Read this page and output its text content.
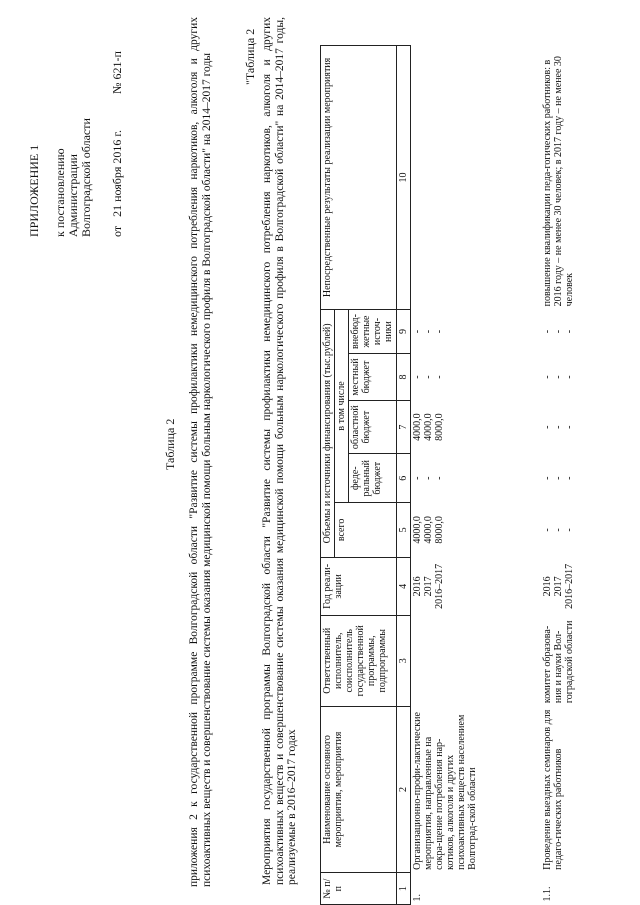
ПРИЛОЖЕНИЕ 1 к постановлению Администрации Волгоградской области от   21 ноября 2016 г.            № 621-п
Таблица 2 приложения 2 к государственной программе Волгоградской области "Развитие системы профилактики немедицинского потребления наркотиков, алкоголя и других психоактивных веществ и совершенствование системы оказания медицинской помощи больным наркологического профиля в Волгоградской области" на 2014–2017 годы	"Таблица 2 Мероприятия государственной программы Волгоградской области "Развитие системы профилактики немедицинского потребления наркотиков, алкоголя и других психоактивных веществ и совершенствование системы оказания медицинской помощи больным наркологического профиля в Волгоградской области" на 2014–2017 годы, реализуемые в 2016–2017 годах
№ п/п	Наименование основного мероприятия, мероприятия	Ответственный исполнитель, соисполнитель государственной программы, подпрограммы	Год реали-зации	Объемы и источники финансирования (тыс.рублей)					Непосредственные результаты реализации мероприятия
				всего	в том числе				
					феде-ральный бюджет	областной бюджет	местный бюджет	внебюд-жетные источ-ники	
1	2	3	4	5	6	7	8	9	10
1.	Организационно-профи-лактические мероприятия, направленные на сокра-щение потребления нар-котиков, алкоголя и других психоактивных веществ населением Волгоград-ской области		2016 2017 2016–2017	4000,0 4000,0 8000,0	- - -	4000,0 4000,0 8000,0	- - -	- - -	

1.1.	Проведение выездных семинаров для педаго-гических работников	комитет образова-ния и науки Вол-гоградской области	2016 2017 2016–2017	- - -	- - -	- - -	- - -	- - -	повышение квалификации педа-гогических работников: в 2016 году – не менее 30 человек; в 2017 году – не менее 30 человек
